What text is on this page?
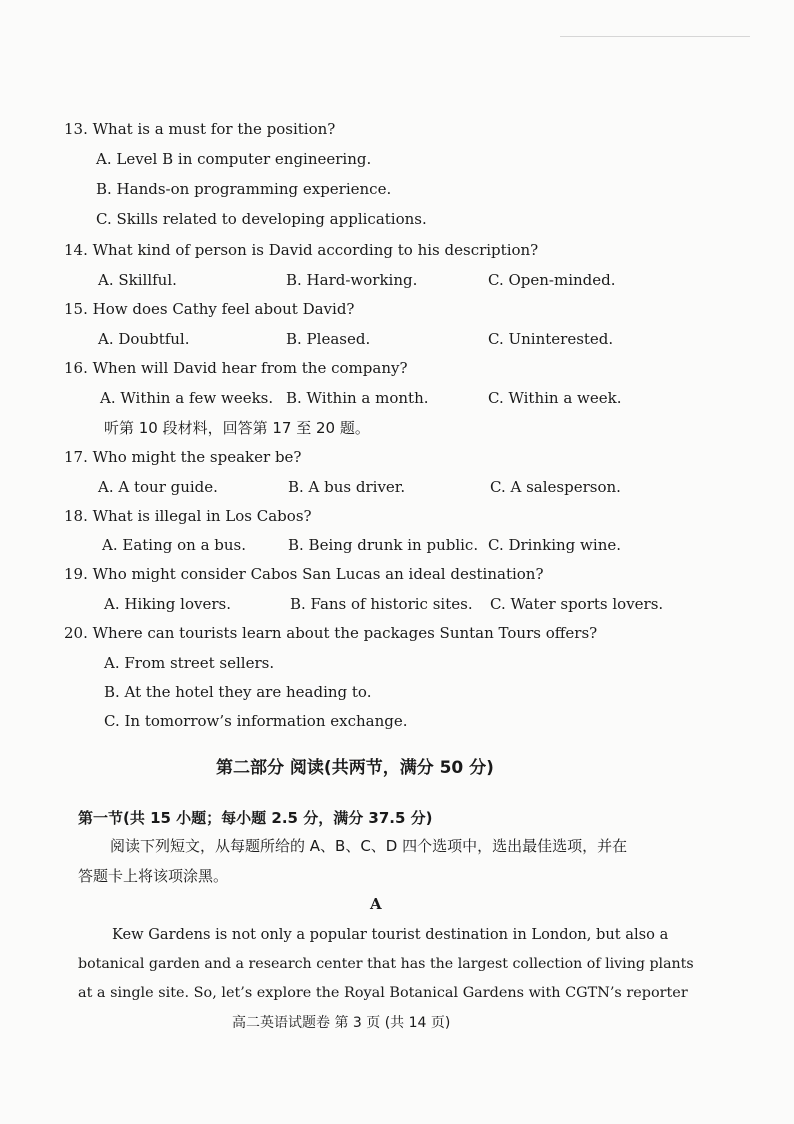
13. What is a must for the position?
A. Level B in computer engineering.
B. Hands-on programming experience.
C. Skills related to developing applications.
14. What kind of person is David according to his description?
A. Skillful.	B. Hard-working.	C. Open-minded.
15. How does Cathy feel about David?
A. Doubtful.	B. Pleased.	C. Uninterested.
16. When will David hear from the company?
A. Within a few weeks. B. Within a month.	C. Within a week.
听第 10 段材料，回答第 17 至 20 题。
17. Who might the speaker be?
A. A tour guide.	B. A bus driver.	C. A salesperson.
18. What is illegal in Los Cabos?
A. Eating on a bus.	B. Being drunk in public. C. Drinking wine.
19. Who might consider Cabos San Lucas an ideal destination?
A. Hiking lovers.	B. Fans of historic sites. C. Water sports lovers.
20. Where can tourists learn about the packages Suntan Tours offers?
A. From street sellers.
B. At the hotel they are heading to.
C. In tomorrow’s information exchange.
第二部分 阅读(共两节，满分 50 分)
第一节(共 15 小题；每小题 2.5 分，满分 37.5 分)
阅读下列短文，从每题所给的 A、B、C、D 四个选项中，选出最佳选项，并在
答题卡上将该项涂黑。
A
Kew Gardens is not only a popular tourist destination in London, but also a
botanical garden and a research center that has the largest collection of living plants
at a single site. So, let’s explore the Royal Botanical Gardens with CGTN’s reporter
高二英语试题卷 第 3 页 (共 14 页)
